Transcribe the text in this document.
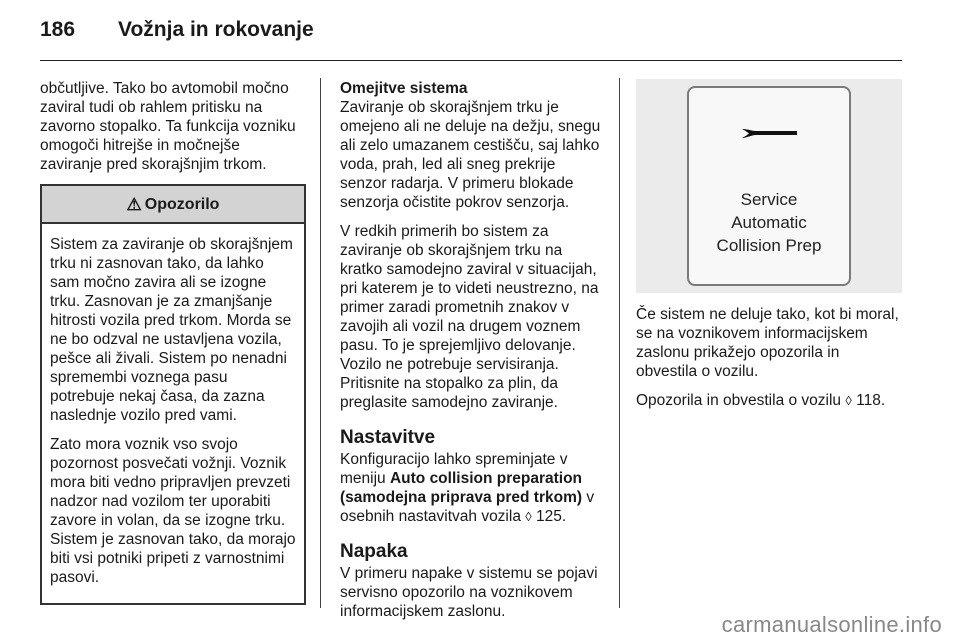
186 Vožnja in rokovanje

občutljive. Tako bo avtomobil močno zaviral tudi ob rahlem pritisku na zavorno stopalko. Ta funkcija vozniku omogoči hitrejše in močnejše zaviranje pred skorajšnjim trkom.

⚠ Opozorilo

Sistem za zaviranje ob skorajšnjem trku ni zasnovan tako, da lahko sam močno zavira ali se izogne trku. Zasnovan je za zmanjšanje hitrosti vozila pred trkom. Morda se ne bo odzval ne ustavljena vozila, pešce ali živali. Sistem po nenadni spremembi voznega pasu potrebuje nekaj časa, da zazna naslednje vozilo pred vami.

Zato mora voznik vso svojo pozornost posvečati vožnji. Voznik mora biti vedno pripravljen prevzeti nadzor nad vozilom ter uporabiti zavore in volan, da se izogne trku. Sistem je zasnovan tako, da morajo biti vsi potniki pripeti z varnostnimi pasovi.

Omejitve sistema

Zaviranje ob skorajšnjem trku je omejeno ali ne deluje na dežju, snegu ali zelo umazanem cestišču, saj lahko voda, prah, led ali sneg prekrije senzor radarja. V primeru blokade senzorja očistite pokrov senzorja.

V redkih primerih bo sistem za zaviranje ob skorajšnjem trku na kratko samodejno zaviral v situacijah, pri katerem je to videti neustrezno, na primer zaradi prometnih znakov v zavojih ali vozil na drugem voznem pasu. To je sprejemljivo delovanje. Vozilo ne potrebuje servisiranja. Pritisnite na stopalko za plin, da preglasite samodejno zaviranje.

Nastavitve

Konfiguracijo lahko spreminjate v meniju Auto collision preparation (samodejna priprava pred trkom) v osebnih nastavitvah vozila ◊ 125.

Napaka

V primeru napake v sistemu se pojavi servisno opozorilo na voznikovem informacijskem zaslonu.

Service
Automatic
Collision Prep

Če sistem ne deluje tako, kot bi moral, se na voznikovem informacijskem zaslonu prikažejo opozorila in obvestila o vozilu.

Opozorila in obvestila o vozilu ◊ 118.

carmanualsonline.info
